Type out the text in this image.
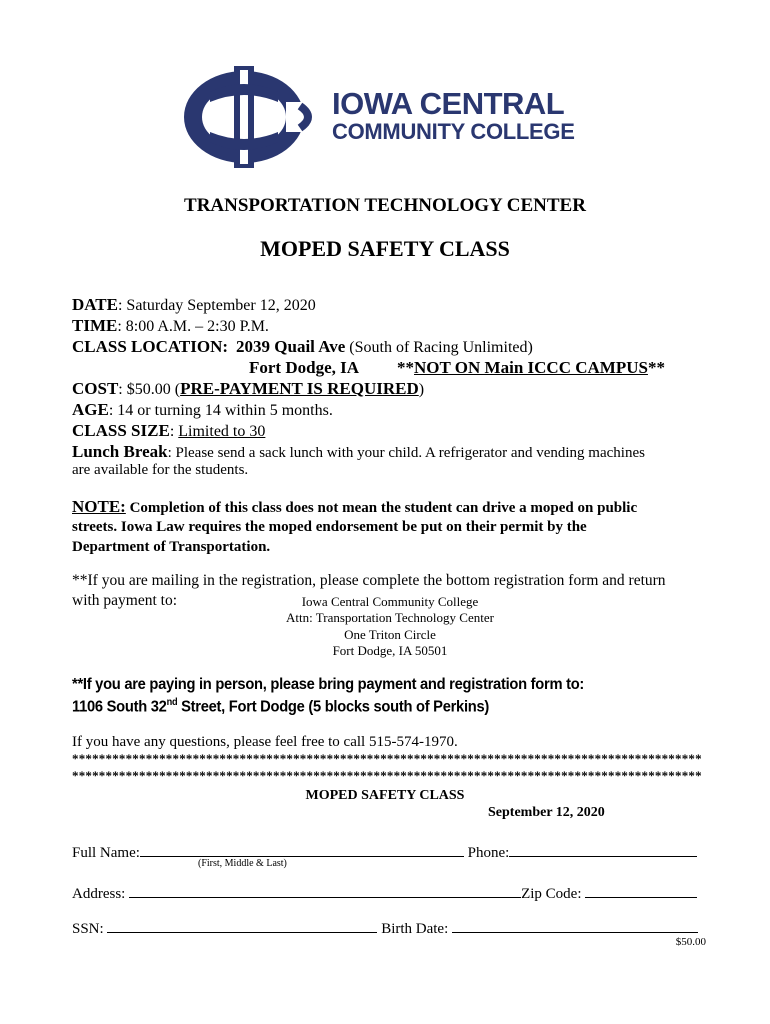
IOWA CENTRAL
COMMUNITY COLLEGE
TRANSPORTATION TECHNOLOGY CENTER
MOPED SAFETY CLASS
DATE: Saturday September 12, 2020
TIME: 8:00 A.M. – 2:30 P.M.
CLASS LOCATION: 2039 Quail Ave (South of Racing Unlimited)
Fort Dodge, IA **NOT ON Main ICCC CAMPUS**
COST: $50.00 (PRE-PAYMENT IS REQUIRED)
AGE: 14 or turning 14 within 5 months.
CLASS SIZE: Limited to 30
Lunch Break: Please send a sack lunch with your child. A refrigerator and vending machines
are available for the students.
NOTE: Completion of this class does not mean the student can drive a moped on public
streets. Iowa Law requires the moped endorsement be put on their permit by the
Department of Transportation.
**If you are mailing in the registration, please complete the bottom registration form and return
with payment to:	Iowa Central Community College
Attn: Transportation Technology Center
One Triton Circle
Fort Dodge, IA 50501
**If you are paying in person, please bring payment and registration form to:
1106 South 32nd Street, Fort Dodge (5 blocks south of Perkins)
If you have any questions, please feel free to call 515-574-1970.
**********************************************************************************************
**********************************************************************************************
MOPED SAFETY CLASS
September 12, 2020
Full Name:	Phone:
(First, Middle & Last)
Address:	Zip Code:
SSN:	Birth Date:
$50.00
